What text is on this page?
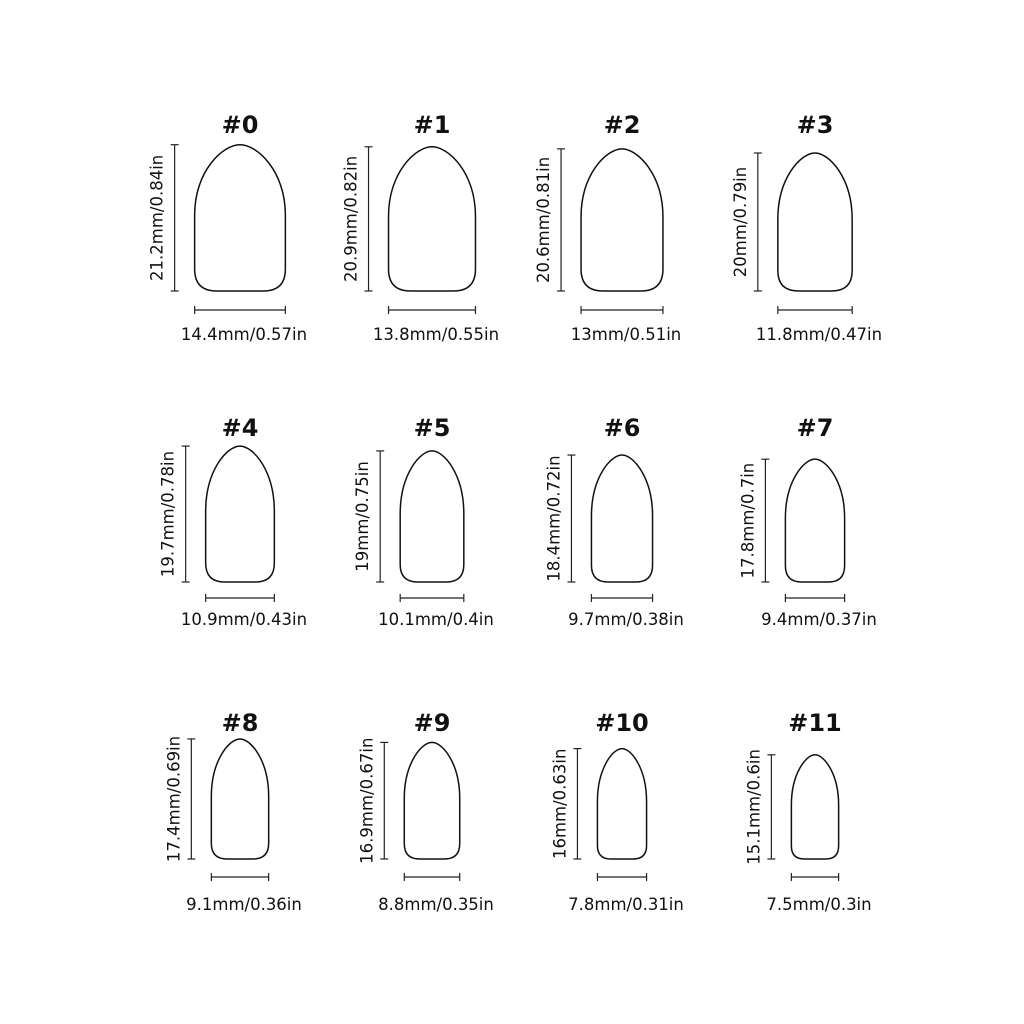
#0
21.2mm/0.84in
14.4mm/0.57in
#1
20.9mm/0.82in
13.8mm/0.55in
#2
20.6mm/0.81in
13mm/0.51in
#3
20mm/0.79in
11.8mm/0.47in
#4
19.7mm/0.78in
10.9mm/0.43in
#5
19mm/0.75in
10.1mm/0.4in
#6
18.4mm/0.72in
9.7mm/0.38in
#7
17.8mm/0.7in
9.4mm/0.37in
#8
17.4mm/0.69in
9.1mm/0.36in
#9
16.9mm/0.67in
8.8mm/0.35in
#10
16mm/0.63in
7.8mm/0.31in
#11
15.1mm/0.6in
7.5mm/0.3in
